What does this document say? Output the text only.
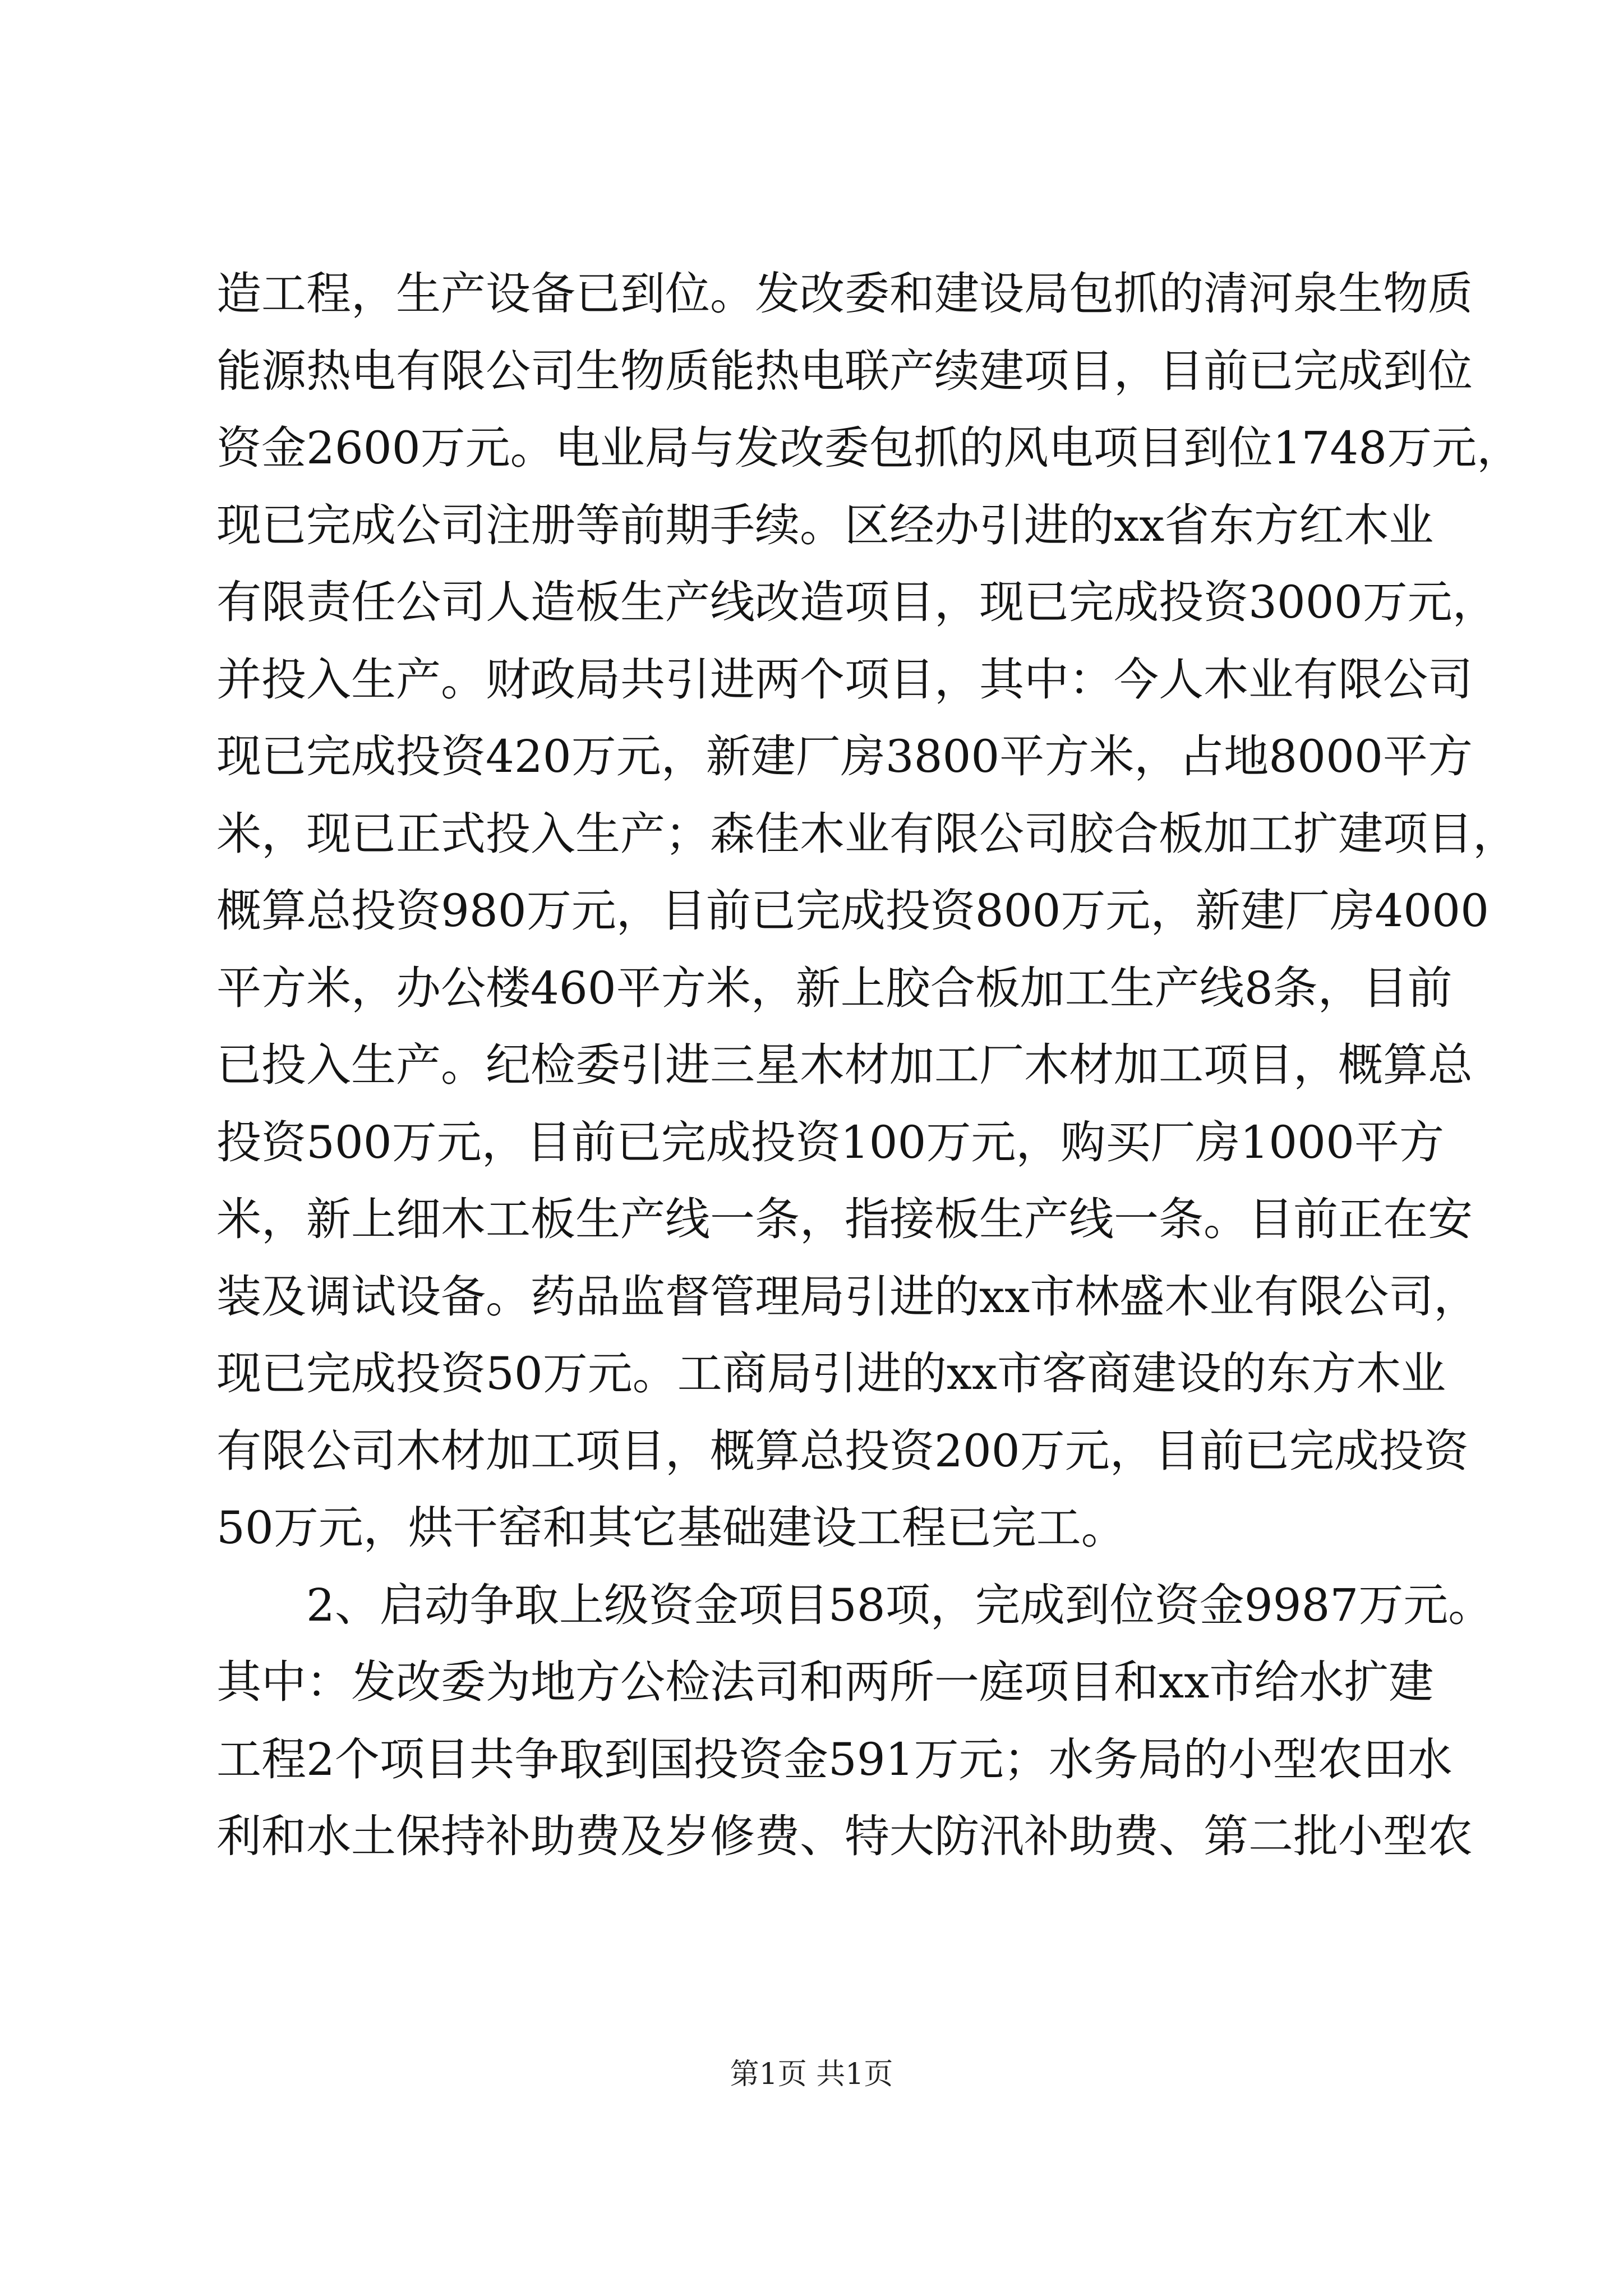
造工程，生产设备已到位。发改委和建设局包抓的清河泉生物质
能源热电有限公司生物质能热电联产续建项目，目前已完成到位
资金2600万元。电业局与发改委包抓的风电项目到位1748万元，
现已完成公司注册等前期手续。区经办引进的xx省东方红木业
有限责任公司人造板生产线改造项目，现已完成投资3000万元，
并投入生产。财政局共引进两个项目，其中：今人木业有限公司
现已完成投资420万元，新建厂房3800平方米，占地8000平方
米，现已正式投入生产；森佳木业有限公司胶合板加工扩建项目，
概算总投资980万元，目前已完成投资800万元，新建厂房4000
平方米，办公楼460平方米，新上胶合板加工生产线8条，目前
已投入生产。纪检委引进三星木材加工厂木材加工项目，概算总
投资500万元，目前已完成投资100万元，购买厂房1000平方
米，新上细木工板生产线一条，指接板生产线一条。目前正在安
装及调试设备。药品监督管理局引进的xx市林盛木业有限公司，
现已完成投资50万元。工商局引进的xx市客商建设的东方木业
有限公司木材加工项目，概算总投资200万元，目前已完成投资
50万元，烘干窑和其它基础建设工程已完工。
2、启动争取上级资金项目58项，完成到位资金9987万元。
其中：发改委为地方公检法司和两所一庭项目和xx市给水扩建
工程2个项目共争取到国投资金591万元；水务局的小型农田水
利和水土保持补助费及岁修费、特大防汛补助费、第二批小型农
第1页 共1页
